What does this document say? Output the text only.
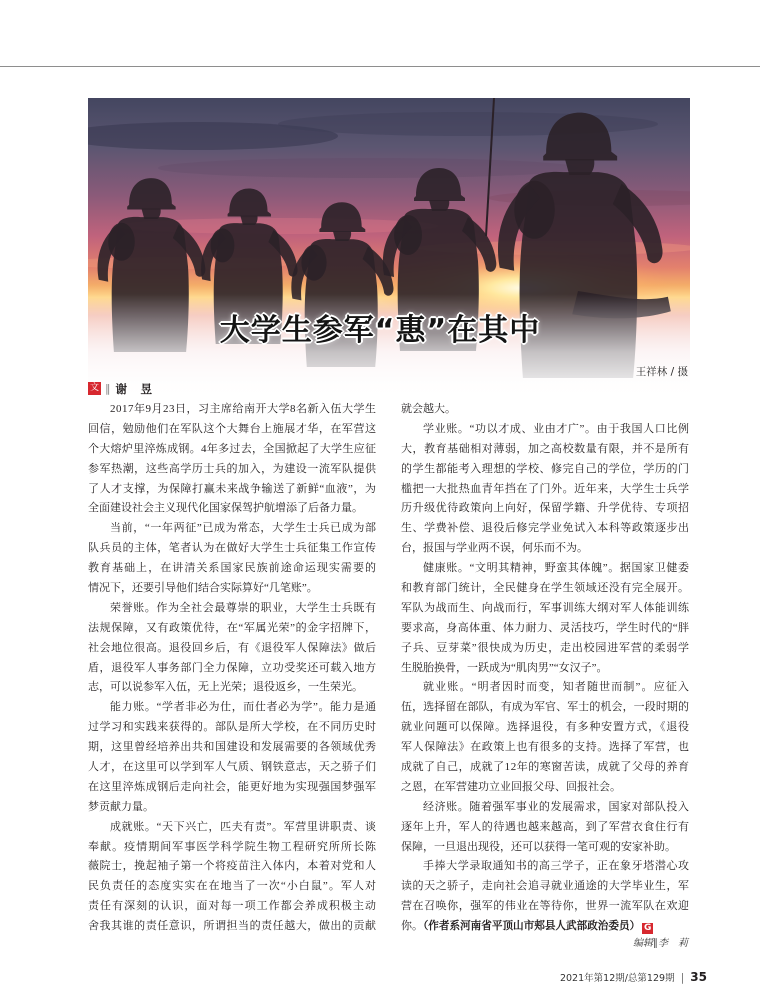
大学生参军“惠”在其中
王祥林 / 摄
文 ‖ 谢　昱
2017年9月23日，习主席给南开大学8名新入伍大学生
回信，勉励他们在军队这个大舞台上施展才华，在军营这
个大熔炉里淬炼成钢。4年多过去，全国掀起了大学生应征
参军热潮，这些高学历士兵的加入，为建设一流军队提供
了人才支撑，为保障打赢未来战争输送了新鲜“血液”，为
全面建设社会主义现代化国家保驾护航增添了后备力量。
当前，“一年两征”已成为常态，大学生士兵已成为部
队兵员的主体，笔者认为在做好大学生士兵征集工作宣传
教育基础上，在讲清关系国家民族前途命运现实需要的
情况下，还要引导他们结合实际算好“几笔账”。
荣誉账。作为全社会最尊崇的职业，大学生士兵既有
法规保障，又有政策优待，在“军属光荣”的金字招牌下，
社会地位很高。退役回乡后，有《退役军人保障法》做后
盾，退役军人事务部门全力保障，立功受奖还可载入地方
志，可以说参军入伍，无上光荣；退役返乡，一生荣光。
能力账。“学者非必为仕，而仕者必为学”。能力是通
过学习和实践来获得的。部队是所大学校，在不同历史时
期，这里曾经培养出共和国建设和发展需要的各领域优秀
人才，在这里可以学到军人气质、钢铁意志，天之骄子们
在这里淬炼成钢后走向社会，能更好地为实现强国梦强军
梦贡献力量。
成就账。“天下兴亡，匹夫有责”。军营里讲职责、谈
奉献。疫情期间军事医学科学院生物工程研究所所长陈
薇院士，挽起袖子第一个将疫苗注入体内，本着对党和人
民负责任的态度实实在在地当了一次“小白鼠”。军人对
责任有深刻的认识，面对每一项工作都会养成积极主动
舍我其谁的责任意识，所谓担当的责任越大，做出的贡献
就会越大。
学业账。“功以才成、业由才广”。由于我国人口比例
大，教育基础相对薄弱，加之高校数量有限，并不是所有
的学生都能考入理想的学校、修完自己的学位，学历的门
槛把一大批热血青年挡在了门外。近年来，大学生士兵学
历升级优待政策向上向好，保留学籍、升学优待、专项招
生、学费补偿、退役后修完学业免试入本科等政策逐步出
台，报国与学业两不误，何乐而不为。
健康账。“文明其精神，野蛮其体魄”。据国家卫健委
和教育部门统计，全民健身在学生领域还没有完全展开。
军队为战而生、向战而行，军事训练大纲对军人体能训练
要求高，身高体重、体力耐力、灵活技巧，学生时代的“胖
子兵、豆芽菜”很快成为历史，走出校园进军营的柔弱学
生脱胎换骨，一跃成为“肌肉男”“女汉子”。
就业账。“明者因时而变，知者随世而制”。应征入
伍，选择留在部队，有成为军官、军士的机会，一段时期的
就业问题可以保障。选择退役，有多种安置方式，《退役
军人保障法》在政策上也有很多的支持。选择了军营，也
成就了自己，成就了12年的寒窗苦读，成就了父母的养育
之恩，在军营建功立业回报父母、回报社会。
经济账。随着强军事业的发展需求，国家对部队投入
逐年上升，军人的待遇也越来越高，到了军营衣食住行有
保障，一旦退出现役，还可以获得一笔可观的安家补助。
手捧大学录取通知书的高三学子，正在象牙塔潜心攻
读的天之骄子，走向社会追寻就业通途的大学毕业生，军
营在召唤你，强军的伟业在等待你，世界一流军队在欢迎
你。（作者系河南省平顶山市郏县人武部政治委员） G
编辑∥李　莉
2021年第12期/总第129期 | 35
